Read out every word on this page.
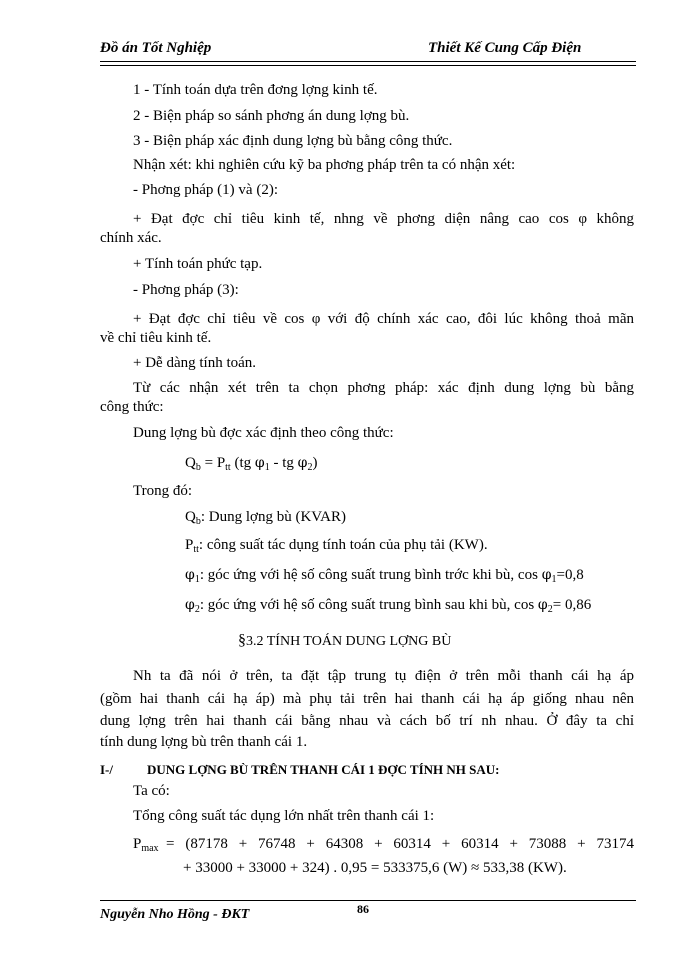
Đồ án Tốt Nghiệp	Thiết Kế Cung Cấp Điện
1 - Tính toán dựa trên đơng lợng kinh tế.
2 - Biện pháp so sánh phơng án dung lợng bù.
3 - Biện pháp xác định dung lợng bù bằng công thức.
Nhận xét: khi nghiên cứu kỹ ba phơng pháp trên ta có nhận xét:
- Phơng pháp (1) và (2):
+ Đạt đợc chỉ tiêu kinh tế, nhng về phơng diện nâng cao cos φ không
chính xác.
+ Tính toán phức tạp.
- Phơng pháp (3):
+ Đạt đợc chỉ tiêu về cos φ với độ chính xác cao, đôi lúc không thoả mãn
về chỉ tiêu kinh tế.
+ Dễ dàng tính toán.
Từ các nhận xét trên ta chọn phơng pháp: xác định dung lợng bù bằng
công thức:
Dung lợng bù đợc xác định theo công thức:
$Q_b = P_{tt}$ (tg $\varphi_1$ - tg $\varphi_2$)
Trong đó:
$Q_b$: Dung lợng bù (KVAR)
$P_{tt}$: công suất tác dụng tính toán của phụ tải (KW).
$\varphi_1$: góc ứng với hệ số công suất trung bình trớc khi bù, $\cos \varphi_1=0,8$
$\varphi_2$: góc ứng với hệ số công suất trung bình sau khi bù, $\cos \varphi_2= 0,86$
§3.2 TÍNH TOÁN DUNG LỢNG BÙ
Nh ta đã nói ở trên, ta đặt tập trung tụ điện ở trên mỗi thanh cái hạ áp
(gồm hai thanh cái hạ áp) mà phụ tải trên hai thanh cái hạ áp giống nhau nên
dung lợng trên hai thanh cái bằng nhau và cách bố trí nh nhau. Ở đây ta chỉ
tính dung lợng bù trên thanh cái 1.
I-/	DUNG LỢNG BÙ TRÊN THANH CÁI 1 ĐỢC TÍNH NH SAU:
Ta có:
Tổng công suất tác dụng lớn nhất trên thanh cái 1:
$P_{max} = (87178 + 76748 + 64308 + 60314 + 60314 + 73088 + 73174$
+ 33000 + 33000 + 324) . 0,95 = 533375,6 (W) ≈ 533,38 (KW).
86
Nguyễn Nho Hồng - ĐKT
